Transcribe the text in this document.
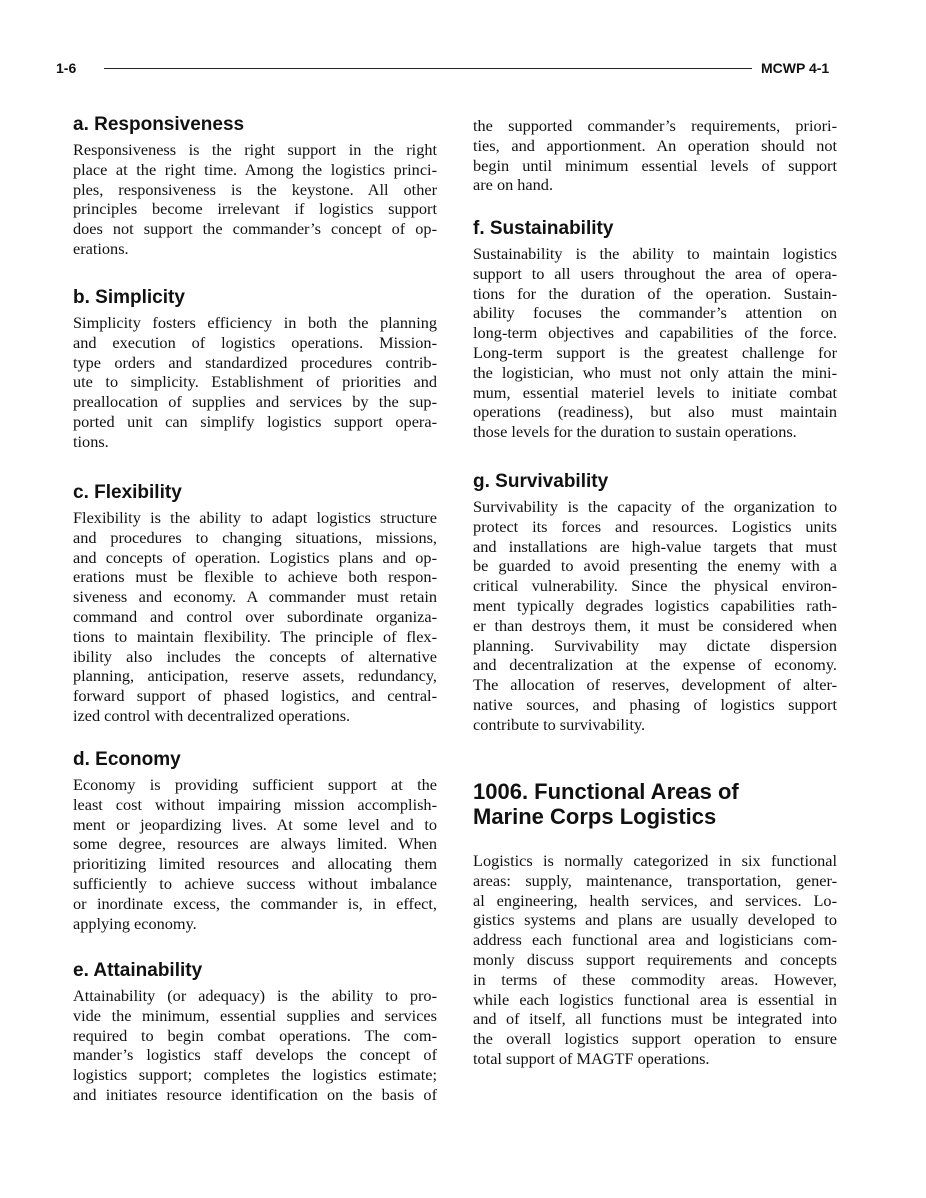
1-6	MCWP 4-1
a. Responsiveness
Responsiveness is the right support in the right
place at the right time. Among the logistics princi-
ples, responsiveness is the keystone. All other
principles become irrelevant if logistics support
does not support the commander’s concept of op-
erations.
b. Simplicity
Simplicity fosters efficiency in both the planning
and execution of logistics operations. Mission-
type orders and standardized procedures contrib-
ute to simplicity. Establishment of priorities and
preallocation of supplies and services by the sup-
ported unit can simplify logistics support opera-
tions.
c. Flexibility
Flexibility is the ability to adapt logistics structure
and procedures to changing situations, missions,
and concepts of operation. Logistics plans and op-
erations must be flexible to achieve both respon-
siveness and economy. A commander must retain
command and control over subordinate organiza-
tions to maintain flexibility. The principle of flex-
ibility also includes the concepts of alternative
planning, anticipation, reserve assets, redundancy,
forward support of phased logistics, and central-
ized control with decentralized operations.
d. Economy
Economy is providing sufficient support at the
least cost without impairing mission accomplish-
ment or jeopardizing lives. At some level and to
some degree, resources are always limited. When
prioritizing limited resources and allocating them
sufficiently to achieve success without imbalance
or inordinate excess, the commander is, in effect,
applying economy.
e. Attainability
Attainability (or adequacy) is the ability to pro-
vide the minimum, essential supplies and services
required to begin combat operations. The com-
mander’s logistics staff develops the concept of
logistics support; completes the logistics estimate;
and initiates resource identification on the basis of
the supported commander’s requirements, priori-
ties, and apportionment. An operation should not
begin until minimum essential levels of support
are on hand.
f. Sustainability
Sustainability is the ability to maintain logistics
support to all users throughout the area of opera-
tions for the duration of the operation. Sustain-
ability focuses the commander’s attention on
long-term objectives and capabilities of the force.
Long-term support is the greatest challenge for
the logistician, who must not only attain the mini-
mum, essential materiel levels to initiate combat
operations (readiness), but also must maintain
those levels for the duration to sustain operations.
g. Survivability
Survivability is the capacity of the organization to
protect its forces and resources. Logistics units
and installations are high-value targets that must
be guarded to avoid presenting the enemy with a
critical vulnerability. Since the physical environ-
ment typically degrades logistics capabilities rath-
er than destroys them, it must be considered when
planning. Survivability may dictate dispersion
and decentralization at the expense of economy.
The allocation of reserves, development of alter-
native sources, and phasing of logistics support
contribute to survivability.
1006. Functional Areas of Marine Corps Logistics
Logistics is normally categorized in six functional
areas: supply, maintenance, transportation, gener-
al engineering, health services, and services. Lo-
gistics systems and plans are usually developed to
address each functional area and logisticians com-
monly discuss support requirements and concepts
in terms of these commodity areas. However,
while each logistics functional area is essential in
and of itself, all functions must be integrated into
the overall logistics support operation to ensure
total support of MAGTF operations.
